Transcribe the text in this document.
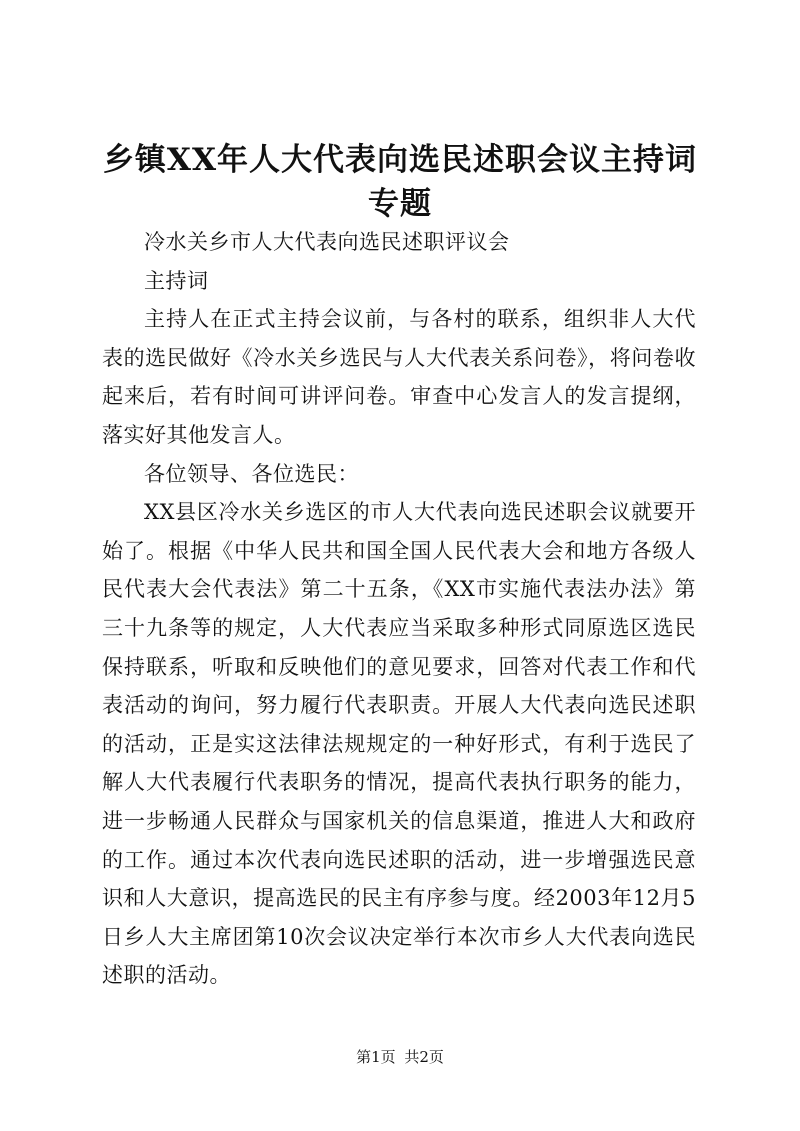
乡镇XX年人大代表向选民述职会议主持词专题

冷水关乡市人大代表向选民述职评议会

主持词

主持人在正式主持会议前，与各村的联系，组织非人大代表的选民做好《冷水关乡选民与人大代表关系问卷》，将问卷收起来后，若有时间可讲评问卷。审查中心发言人的发言提纲，落实好其他发言人。

各位领导、各位选民：

XX县区冷水关乡选区的市人大代表向选民述职会议就要开始了。根据《中华人民共和国全国人民代表大会和地方各级人民代表大会代表法》第二十五条，《XX市实施代表法办法》第三十九条等的规定，人大代表应当采取多种形式同原选区选民保持联系，听取和反映他们的意见要求，回答对代表工作和代表活动的询问，努力履行代表职责。开展人大代表向选民述职的活动，正是实这法律法规规定的一种好形式，有利于选民了解人大代表履行代表职务的情况，提高代表执行职务的能力，进一步畅通人民群众与国家机关的信息渠道，推进人大和政府的工作。通过本次代表向选民述职的活动，进一步增强选民意识和人大意识，提高选民的民主有序参与度。经2003年12月5日乡人大主席团第10次会议决定举行本次市乡人大代表向选民述职的活动。

第1页 共2页
